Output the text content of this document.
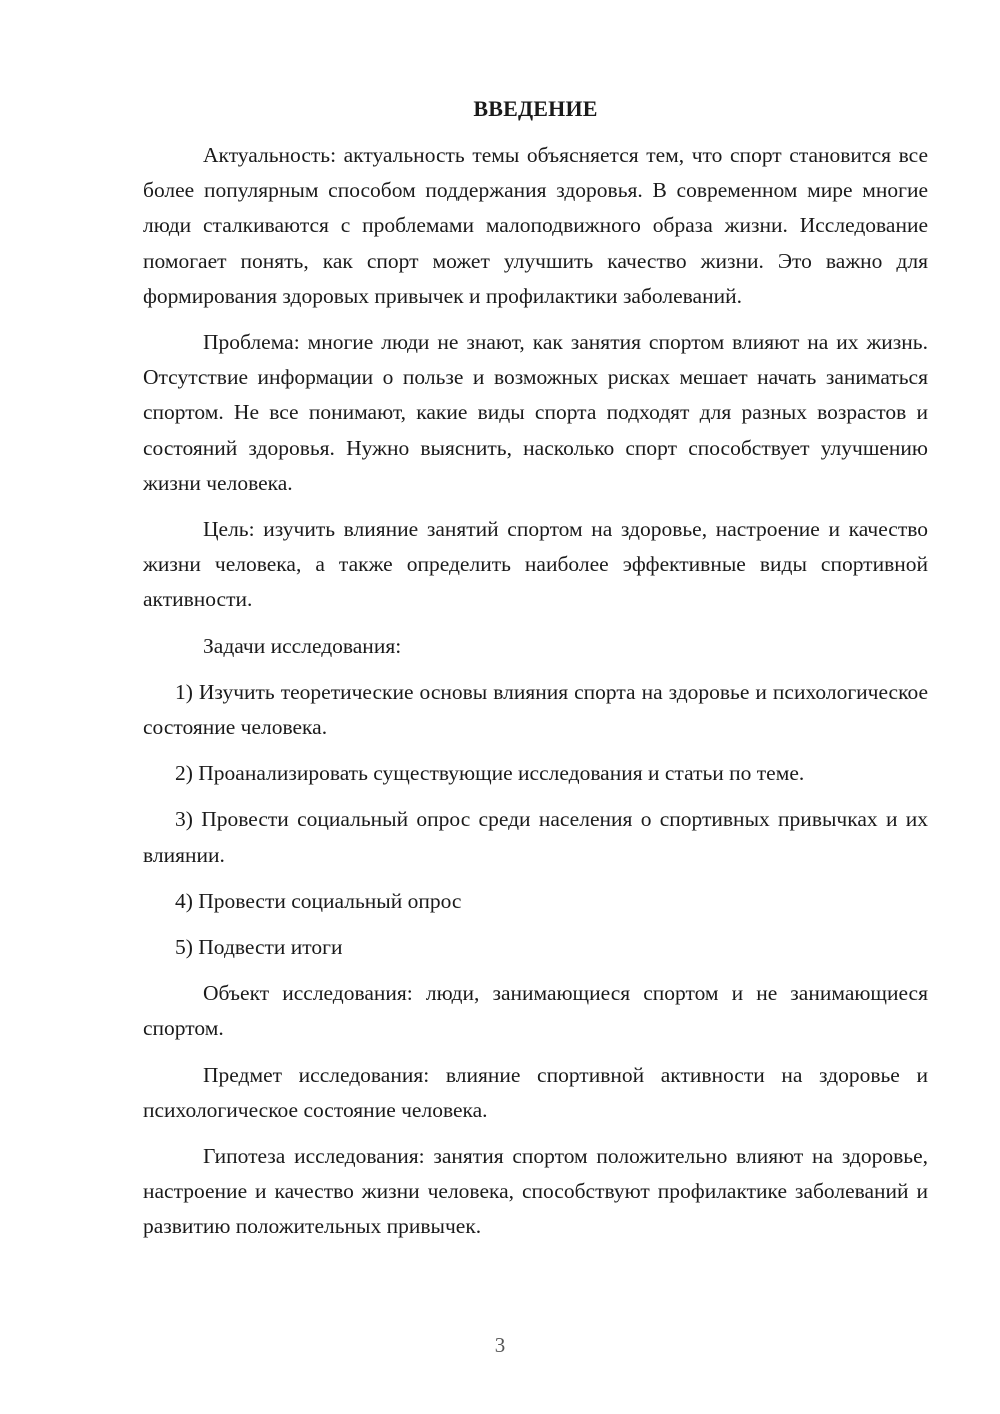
ВВЕДЕНИЕ

Актуальность: актуальность темы объясняется тем, что спорт становится все более популярным способом поддержания здоровья. В современном мире многие люди сталкиваются с проблемами малоподвижного образа жизни. Исследование помогает понять, как спорт может улучшить качество жизни. Это важно для формирования здоровых привычек и профилактики заболеваний.

Проблема: многие люди не знают, как занятия спортом влияют на их жизнь. Отсутствие информации о пользе и возможных рисках мешает начать заниматься спортом. Не все понимают, какие виды спорта подходят для разных возрастов и состояний здоровья. Нужно выяснить, насколько спорт способствует улучшению жизни человека.

Цель: изучить влияние занятий спортом на здоровье, настроение и качество жизни человека, а также определить наиболее эффективные виды спортивной активности.

Задачи исследования:

1) Изучить теоретические основы влияния спорта на здоровье и психологическое состояние человека.

2) Проанализировать существующие исследования и статьи по теме.

3) Провести социальный опрос среди населения о спортивных привычках и их влиянии.

4) Провести социальный опрос

5) Подвести итоги

Объект исследования: люди, занимающиеся спортом и не занимающиеся спортом.

Предмет исследования: влияние спортивной активности на здоровье и психологическое состояние человека.

Гипотеза исследования: занятия спортом положительно влияют на здоровье, настроение и качество жизни человека, способствуют профилактике заболеваний и развитию положительных привычек.

3
